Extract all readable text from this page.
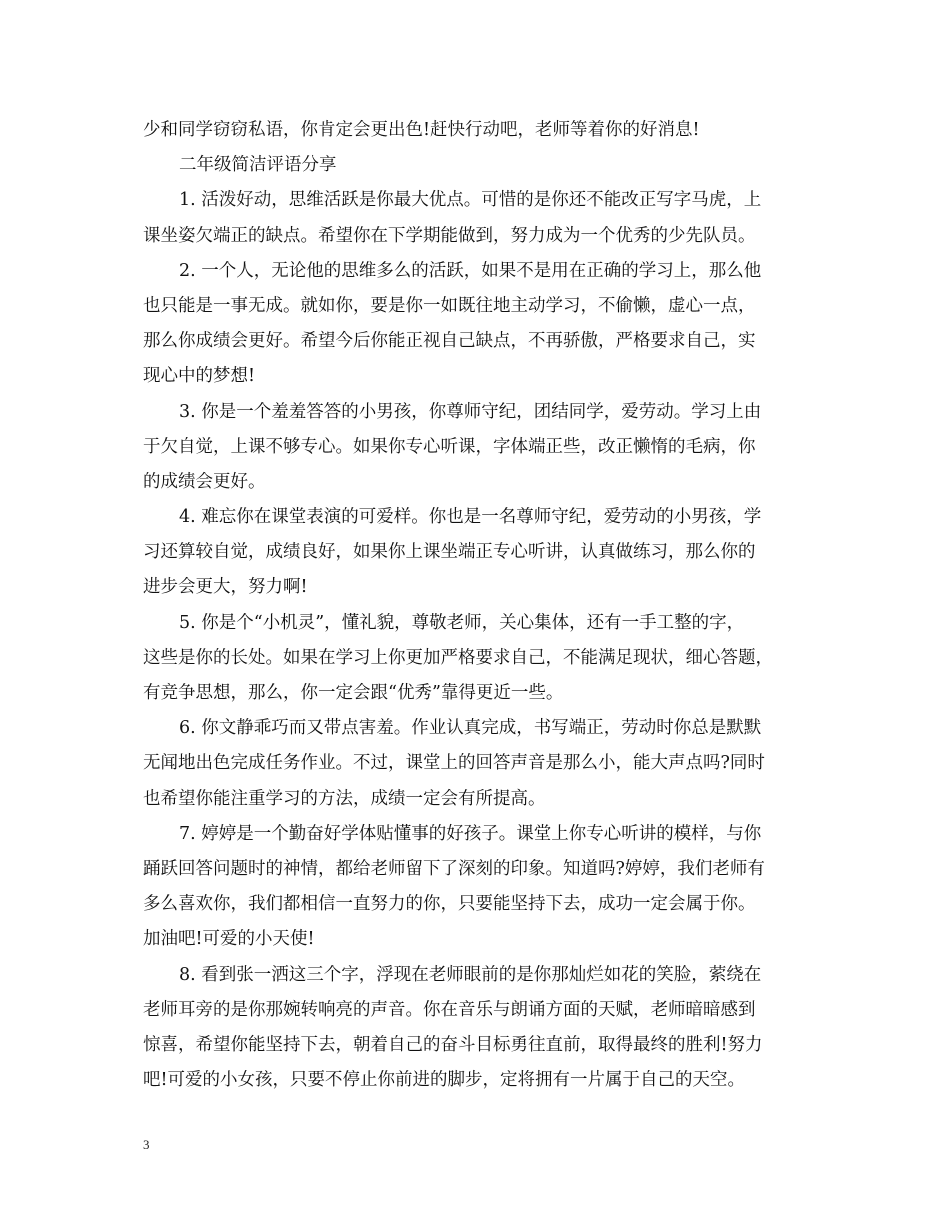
少和同学窃窃私语，你肯定会更出色!赶快行动吧，老师等着你的好消息!
二年级简洁评语分享
1. 活泼好动，思维活跃是你最大优点。可惜的是你还不能改正写字马虎，上
课坐姿欠端正的缺点。希望你在下学期能做到，努力成为一个优秀的少先队员。
2. 一个人，无论他的思维多么的活跃，如果不是用在正确的学习上，那么他
也只能是一事无成。就如你，要是你一如既往地主动学习，不偷懒，虚心一点，
那么你成绩会更好。希望今后你能正视自己缺点，不再骄傲，严格要求自己，实
现心中的梦想!
3. 你是一个羞羞答答的小男孩，你尊师守纪，团结同学，爱劳动。学习上由
于欠自觉，上课不够专心。如果你专心听课，字体端正些，改正懒惰的毛病，你
的成绩会更好。
4. 难忘你在课堂表演的可爱样。你也是一名尊师守纪，爱劳动的小男孩，学
习还算较自觉，成绩良好，如果你上课坐端正专心听讲，认真做练习，那么你的
进步会更大，努力啊!
5. 你是个“小机灵”，懂礼貌，尊敬老师，关心集体，还有一手工整的字，
这些是你的长处。如果在学习上你更加严格要求自己，不能满足现状，细心答题，
有竞争思想，那么，你一定会跟“优秀”靠得更近一些。
6. 你文静乖巧而又带点害羞。作业认真完成，书写端正，劳动时你总是默默
无闻地出色完成任务作业。不过，课堂上的回答声音是那么小，能大声点吗?同时
也希望你能注重学习的方法，成绩一定会有所提高。
7. 婷婷是一个勤奋好学体贴懂事的好孩子。课堂上你专心听讲的模样，与你
踊跃回答问题时的神情，都给老师留下了深刻的印象。知道吗?婷婷，我们老师有
多么喜欢你，我们都相信一直努力的你，只要能坚持下去，成功一定会属于你。
加油吧!可爱的小天使!
8. 看到张一洒这三个字，浮现在老师眼前的是你那灿烂如花的笑脸，萦绕在
老师耳旁的是你那婉转响亮的声音。你在音乐与朗诵方面的天赋，老师暗暗感到
惊喜，希望你能坚持下去，朝着自己的奋斗目标勇往直前，取得最终的胜利!努力
吧!可爱的小女孩，只要不停止你前进的脚步，定将拥有一片属于自己的天空。
3
